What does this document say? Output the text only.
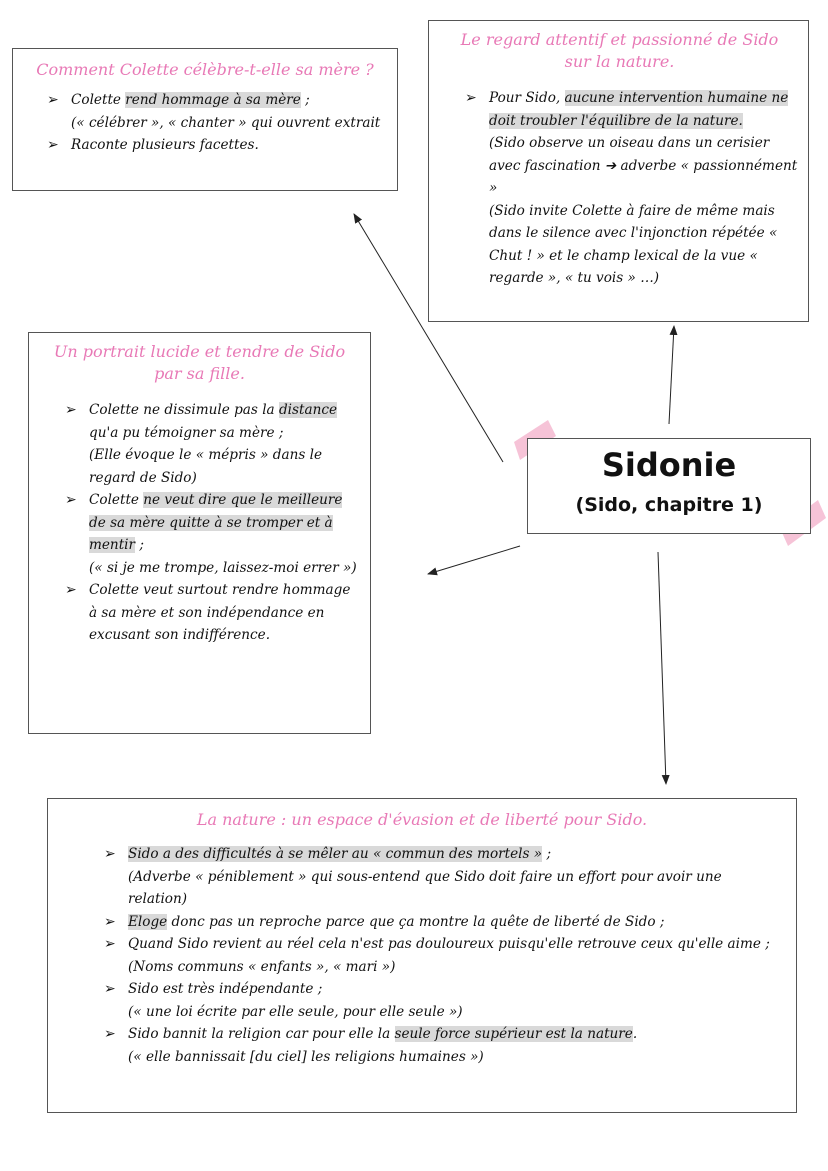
Comment Colette célèbre-t-elle sa mère ?
➢ Colette rend hommage à sa mère ;
(« célébrer », « chanter » qui ouvrent extrait
➢ Raconte plusieurs facettes.
Le regard attentif et passionné de Sido
sur la nature.
➢ Pour Sido, aucune intervention humaine ne doit troubler l'équilibre de la nature.
(Sido observe un oiseau dans un cerisier avec fascination ➔ adverbe « passionnément »
(Sido invite Colette à faire de même mais dans le silence avec l'injonction répétée « Chut ! » et le champ lexical de la vue « regarde », « tu vois » …)
Sidonie
(Sido, chapitre 1)
Un portrait lucide et tendre de Sido
par sa fille.
➢ Colette ne dissimule pas la distance qu'a pu témoigner sa mère ;
(Elle évoque le « mépris » dans le regard de Sido)
➢ Colette ne veut dire que le meilleure de sa mère quitte à se tromper et à mentir ;
(« si je me trompe, laissez-moi errer »)
➢ Colette veut surtout rendre hommage à sa mère et son indépendance en excusant son indifférence.
La nature : un espace d'évasion et de liberté pour Sido.
➢ Sido a des difficultés à se mêler au « commun des mortels » ;
(Adverbe « péniblement » qui sous-entend que Sido doit faire un effort pour avoir une relation)
➢ Eloge donc pas un reproche parce que ça montre la quête de liberté de Sido ;
➢ Quand Sido revient au réel cela n'est pas douloureux puisqu'elle retrouve ceux qu'elle aime ;
(Noms communs « enfants », « mari »)
➢ Sido est très indépendante ;
(« une loi écrite par elle seule, pour elle seule »)
➢ Sido bannit la religion car pour elle la seule force supérieur est la nature.
(« elle bannissait [du ciel] les religions humaines »)
